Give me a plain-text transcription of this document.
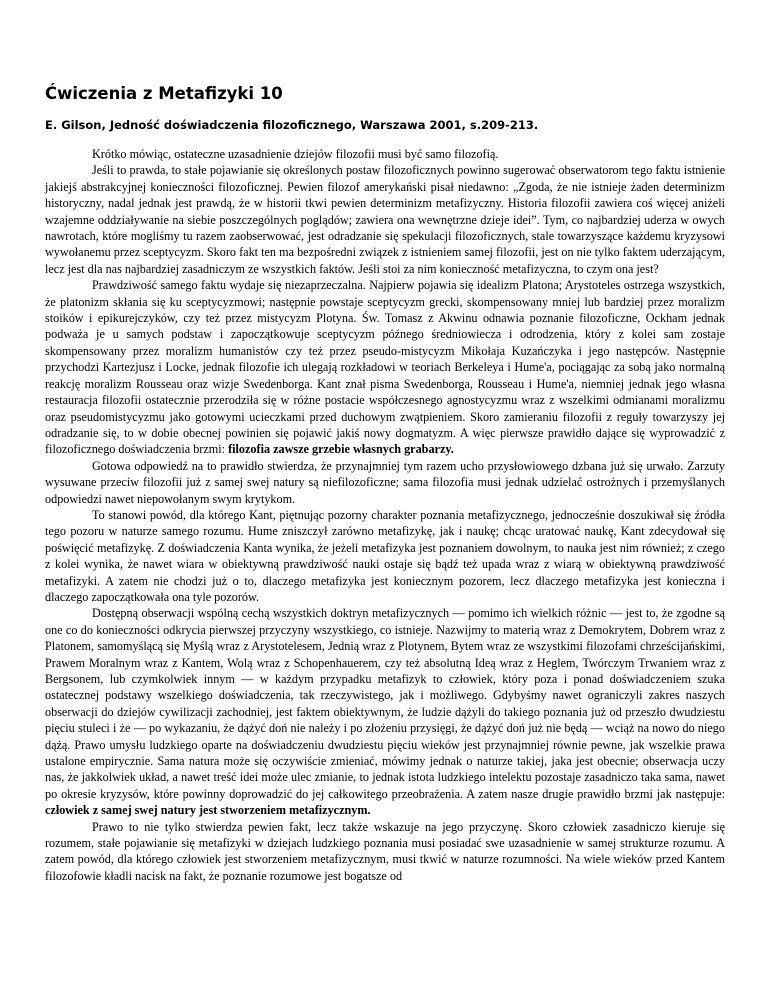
Ćwiczenia z Metafizyki 10
E. Gilson, Jedność doświadczenia filozoficznego, Warszawa 2001, s.209-213.

Krótko mówiąc, ostateczne uzasadnienie dziejów filozofii musi być samo filozofią.

Jeśli to prawda, to stałe pojawianie się określonych postaw filozoficznych powinno sugerować obserwatorom tego faktu istnienie jakiejś abstrakcyjnej konieczności filozoficznej. Pewien filozof amerykański pisał niedawno: „Zgoda, że nie istnieje żaden determinizm historyczny, nadal jednak jest prawdą, że w historii tkwi pewien determinizm metafizyczny. Historia filozofii zawiera coś więcej aniżeli wzajemne oddziaływanie na siebie poszczególnych poglądów; zawiera ona wewnętrzne dzieje idei”. Tym, co najbardziej uderza w owych nawrotach, które mogliśmy tu razem zaobserwować, jest odradzanie się spekulacji filozoficznych, stale towarzyszące każdemu kryzysowi wywołanemu przez sceptycyzm. Skoro fakt ten ma bezpośredni związek z istnieniem samej filozofii, jest on nie tylko faktem uderzającym, lecz jest dla nas najbardziej zasadniczym ze wszystkich faktów. Jeśli stoi za nim konieczność metafizyczna, to czym ona jest?

Prawdziwość samego faktu wydaje się niezaprzeczalna. Najpierw pojawia się idealizm Platona; Arystoteles ostrzega wszystkich, że platonizm skłania się ku sceptycyzmowi; następnie powstaje sceptycyzm grecki, skompensowany mniej lub bardziej przez moralizm stoików i epikurejczyków, czy też przez mistycyzm Plotyna. Św. Tomasz z Akwinu odnawia poznanie filozoficzne, Ockham jednak podważa je u samych podstaw i zapoczątkowuje sceptycyzm późnego średniowiecza i odrodzenia, który z kolei sam zostaje skompensowany przez moralizm humanistów czy też przez pseudo-mistycyzm Mikołaja Kuzańczyka i jego następców. Następnie przychodzi Kartezjusz i Locke, jednak filozofie ich ulegają rozkładowi w teoriach Berkeleya i Hume'a, pociągając za sobą jako normalną reakcję moralizm Rousseau oraz wizje Swedenborga. Kant znał pisma Swedenborga, Rousseau i Hume'a, niemniej jednak jego własna restauracja filozofii ostatecznie przerodziła się w różne postacie współczesnego agnostycyzmu wraz z wszelkimi odmianami moralizmu oraz pseudomistycyzmu jako gotowymi ucieczkami przed duchowym zwątpieniem. Skoro zamieraniu filozofii z reguły towarzyszy jej odradzanie się, to w dobie obecnej powinien się pojawić jakiś nowy dogmatyzm. A więc pierwsze prawidło dające się wyprowadzić z filozoficznego doświadczenia brzmi: filozofia zawsze grzebie własnych grabarzy.

Gotowa odpowiedź na to prawidło stwierdza, że przynajmniej tym razem ucho przysłowiowego dzbana już się urwało. Zarzuty wysuwane przeciw filozofii już z samej swej natury są niefilozoficzne; sama filozofia musi jednak udzielać ostrożnych i przemyślanych odpowiedzi nawet niepowołanym swym krytykom.

To stanowi powód, dla którego Kant, piętnując pozorny charakter poznania metafizycznego, jednocześnie doszukiwał się źródła tego pozoru w naturze samego rozumu. Hume zniszczył zarówno metafizykę, jak i naukę; chcąc uratować naukę, Kant zdecydował się poświęcić metafizykę. Z doświadczenia Kanta wynika, że jeżeli metafizyka jest poznaniem dowolnym, to nauka jest nim również; z czego z kolei wynika, że nawet wiara w obiektywną prawdziwość nauki ostaje się bądź też upada wraz z wiarą w obiektywną prawdziwość metafizyki. A zatem nie chodzi już o to, dlaczego metafizyka jest koniecznym pozorem, lecz dlaczego metafizyka jest konieczna i dlaczego zapoczątkowała ona tyle pozorów.

Dostępną obserwacji wspólną cechą wszystkich doktryn metafizycznych — pomimo ich wielkich różnic — jest to, że zgodne są one co do konieczności odkrycia pierwszej przyczyny wszystkiego, co istnieje. Nazwijmy to materią wraz z Demokrytem, Dobrem wraz z Platonem, samomyślącą się Myślą wraz z Arystotelesem, Jednią wraz z Plotynem, Bytem wraz ze wszystkimi filozofami chrześcijańskimi, Prawem Moralnym wraz z Kantem, Wolą wraz z Schopenhauerem, czy też absolutną Ideą wraz z Heglem, Twórczym Trwaniem wraz z Bergsonem, lub czymkolwiek innym — w każdym przypadku metafizyk to człowiek, który poza i ponad doświadczeniem szuka ostatecznej podstawy wszelkiego doświadczenia, tak rzeczywistego, jak i możliwego. Gdybyśmy nawet ograniczyli zakres naszych obserwacji do dziejów cywilizacji zachodniej, jest faktem obiektywnym, że ludzie dążyli do takiego poznania już od przeszło dwudziestu pięciu stuleci i że — po wykazaniu, że dążyć doń nie należy i po złożeniu przysięgi, że dążyć doń już nie będą — wciąż na nowo do niego dążą. Prawo umysłu ludzkiego oparte na doświadczeniu dwudziestu pięciu wieków jest przynajmniej równie pewne, jak wszelkie prawa ustalone empirycznie. Sama natura może się oczywiście zmieniać, mówimy jednak o naturze takiej, jaka jest obecnie; obserwacja uczy nas, że jakkolwiek układ, a nawet treść idei może ulec zmianie, to jednak istota ludzkiego intelektu pozostaje zasadniczo taka sama, nawet po okresie kryzysów, które powinny doprowadzić do jej całkowitego przeobrażenia. A zatem nasze drugie prawidło brzmi jak następuje: człowiek z samej swej natury jest stworzeniem metafizycznym.

Prawo to nie tylko stwierdza pewien fakt, lecz także wskazuje na jego przyczynę. Skoro człowiek zasadniczo kieruje się rozumem, stałe pojawianie się metafizyki w dziejach ludzkiego poznania musi posiadać swe uzasadnienie w samej strukturze rozumu. A zatem powód, dla którego człowiek jest stworzeniem metafizycznym, musi tkwić w naturze rozumności. Na wiele wieków przed Kantem filozofowie kładli nacisk na fakt, że poznanie rozumowe jest bogatsze od
